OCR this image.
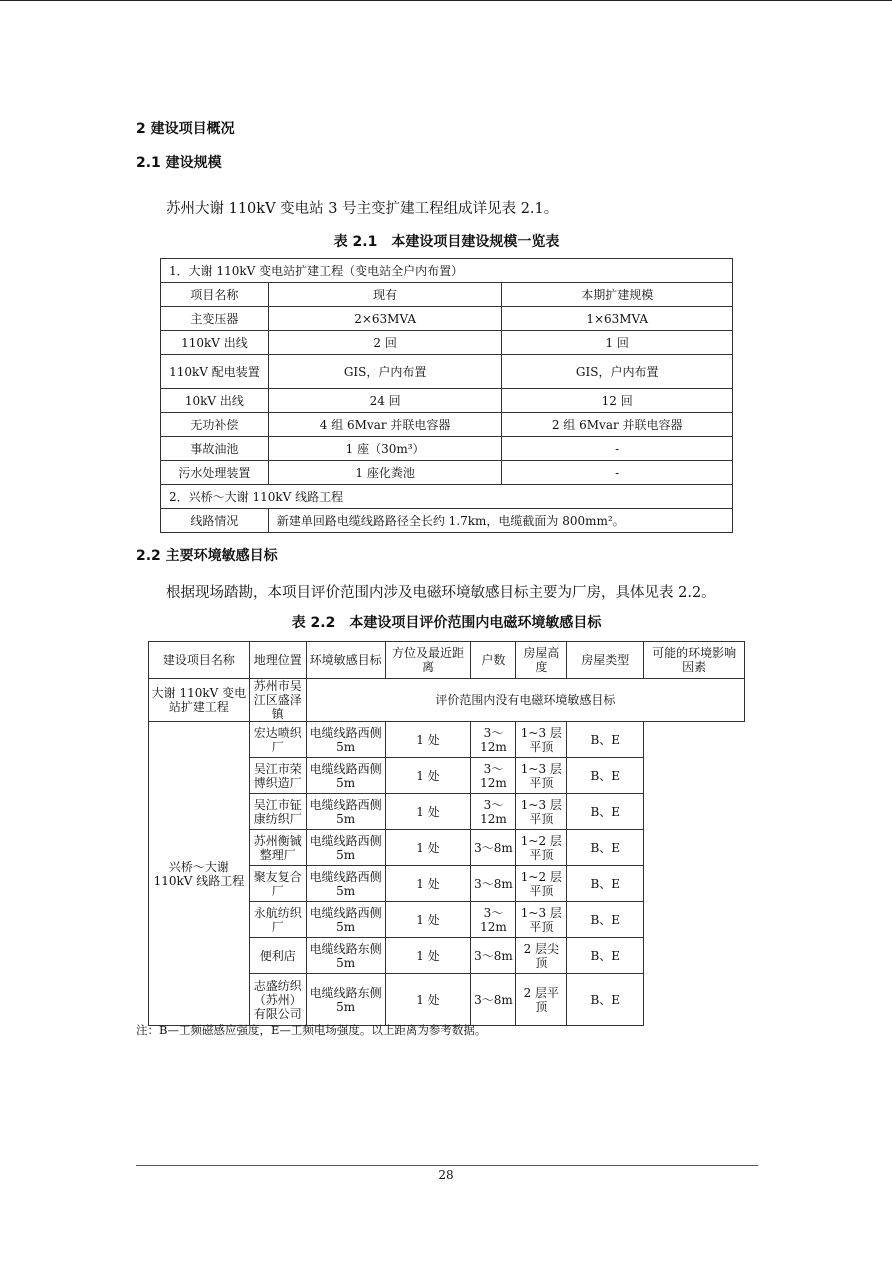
2 建设项目概况
2.1 建设规模
苏州大谢 110kV 变电站 3 号主变扩建工程组成详见表 2.1。
表 2.1　本建设项目建设规模一览表
1．大谢 110kV 变电站扩建工程（变电站全户内布置）		
项目名称	现有	本期扩建规模
主变压器	2×63MVA	1×63MVA
110kV 出线	2 回	1 回
110kV 配电装置	GIS，户内布置	GIS，户内布置
10kV 出线	24 回	12 回
无功补偿	4 组 6Mvar 并联电容器	2 组 6Mvar 并联电容器
事故油池	1 座（30m³）	-
污水处理装置	1 座化粪池	-
2．兴桥～大谢 110kV 线路工程		
线路情况	新建单回路电缆线路路径全长约 1.7km，电缆截面为 800mm²。	
2.2 主要环境敏感目标
根据现场踏勘，本项目评价范围内涉及电磁环境敏感目标主要为厂房，具体见表 2.2。
表 2.2　本建设项目评价范围内电磁环境敏感目标
建设项目名称	地理位置	环境敏感目标	方位及最近距离	户数	房屋高度	房屋类型	可能的环境影响因素
大谢 110kV 变电站扩建工程	苏州市吴江区盛泽镇	评价范围内没有电磁环境敏感目标					
兴桥～大谢 110kV 线路工程	宏达喷织厂	电缆线路西侧 5m	1 处	3～12m	1~3 层平顶	B、E	
	吴江市荣博织造厂	电缆线路西侧 5m	1 处	3～12m	1~3 层平顶	B、E	
	吴江市钲康纺织厂	电缆线路西侧 5m	1 处	3～12m	1~3 层平顶	B、E	
	苏州衡铖整理厂	电缆线路西侧 5m	1 处	3～8m	1~2 层平顶	B、E	
	聚友复合厂	电缆线路西侧 5m	1 处	3～8m	1~2 层平顶	B、E	
	永航纺织厂	电缆线路西侧 5m	1 处	3～12m	1~3 层平顶	B、E	
	便利店	电缆线路东侧 5m	1 处	3～8m	2 层尖顶	B、E	
	志盛纺织（苏州）有限公司	电缆线路东侧 5m	1 处	3～8m	2 层平顶	B、E	
注：B—工频磁感应强度，E—工频电场强度。以上距离为参考数据。
28
